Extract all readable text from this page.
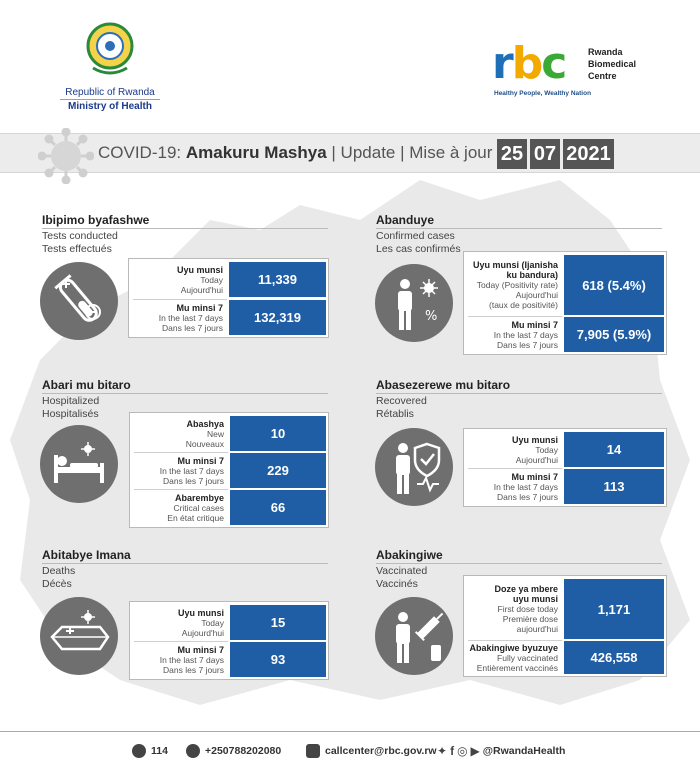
Republic of Rwanda
Ministry of Health
rbc	Rwanda
Biomedical
Centre
Healthy People, Wealthy Nation
COVID-19: Amakuru Mashya | Update | Mise à jour 25 07 2021
Ibipimo byafashwe
Tests conducted
Tests effectués
Uyu munsi
Today
Aujourd'hui
11,339
Mu minsi 7
In the last 7 days
Dans les 7 jours
132,319
Abanduye
Confirmed cases
Les cas confirmés
%
Uyu munsi (Ijanisha
ku bandura)
Today (Positivity rate)
Aujourd'hui
(taux de positivité)
618 (5.4%)
Mu minsi 7
In the last 7 days
Dans les 7 jours
7,905 (5.9%)
Abari mu bitaro
Hospitalized
Hospitalisés
Abashya
New
Nouveaux
10
Mu minsi 7
In the last 7 days
Dans les 7 jours
229
Abarembye
Critical cases
En état critique
66
Abasezerewe mu bitaro
Recovered
Rétablis
Uyu munsi
Today
Aujourd'hui
14
Mu minsi 7
In the last 7 days
Dans les 7 jours
113
Abitabye Imana
Deaths
Décès
Uyu munsi
Today
Aujourd'hui
15
Mu minsi 7
In the last 7 days
Dans les 7 jours
93
Abakingiwe
Vaccinated
Vaccinés	Doze ya mbere
uyu munsi
First dose today
Première dose
aujourd'hui
1,171
Abakingiwe byuzuye
Fully vaccinated
Entièrement vaccinés
426,558
114	+250788202080	callcenter@rbc.gov.rw ✦ f ◎ ▶ @RwandaHealth
